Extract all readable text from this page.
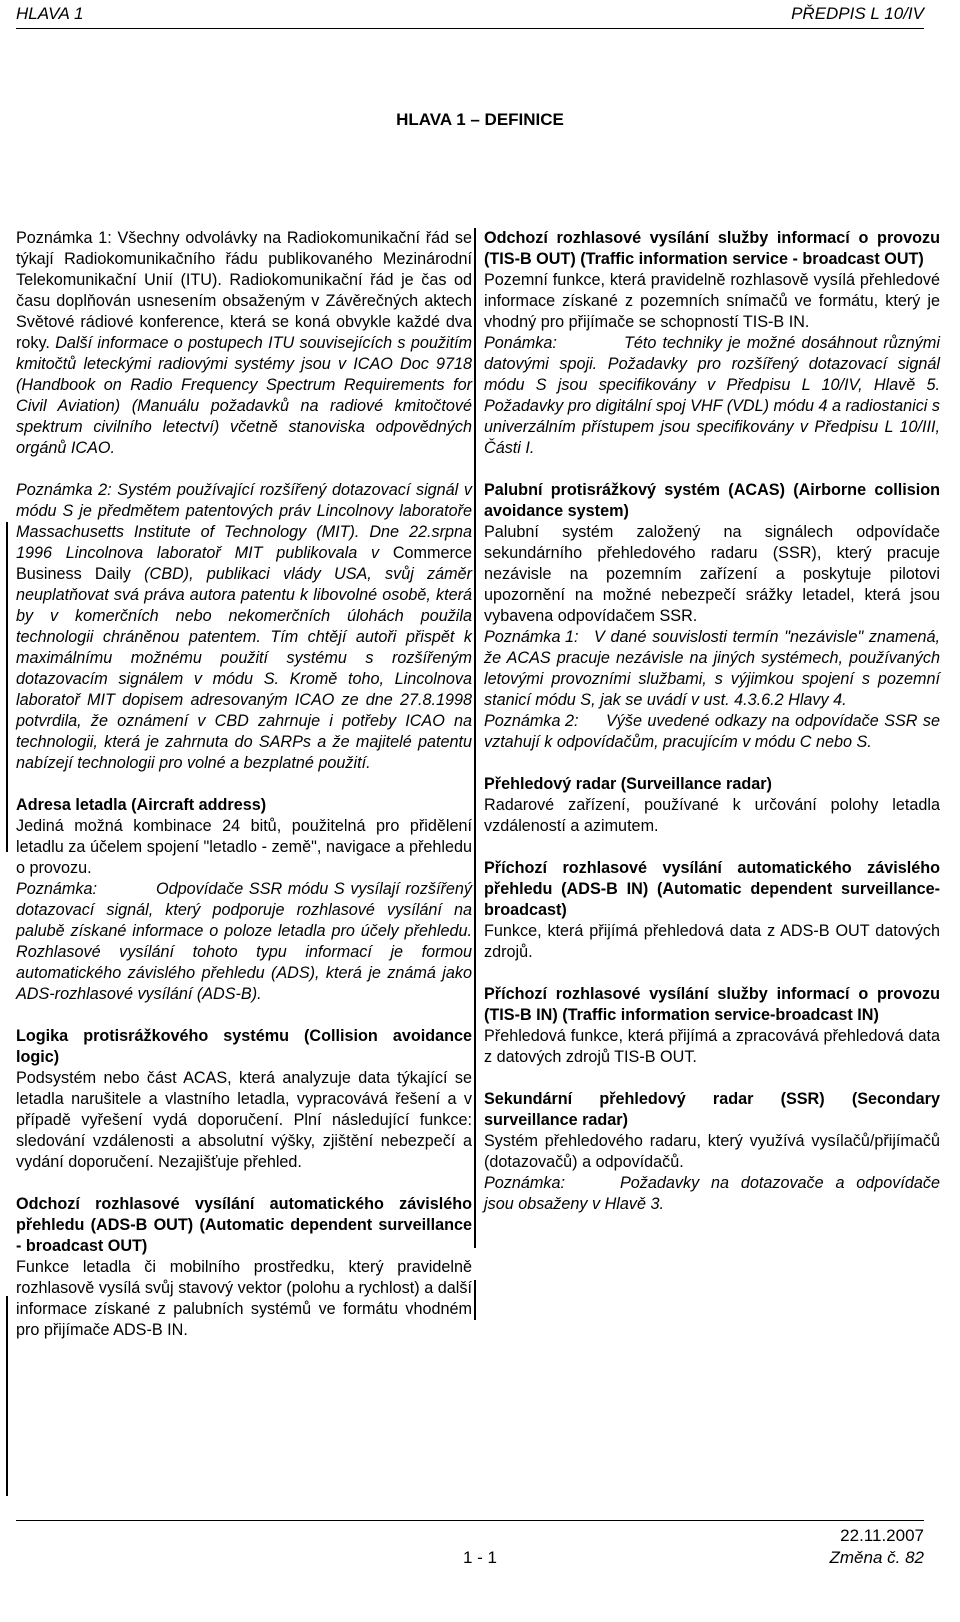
HLAVA 1	PŘEDPIS L 10/IV
HLAVA 1 – DEFINICE

Poznámka 1: Všechny odvolávky na Radiokomunikační řád se týkají Radiokomunikačního řádu publikovaného Mezinárodní Telekomunikační Unií (ITU). Radiokomunikační řád je čas od času doplňován usnesením obsaženým v Závěrečných aktech Světové rádiové konference, která se koná obvykle každé dva roky. Další informace o postupech ITU souvisejících s použitím kmitočtů leteckými radiovými systémy jsou v ICAO Doc 9718 (Handbook on Radio Frequency Spectrum Requirements for Civil Aviation) (Manuálu požadavků na radiové kmitočtové spektrum civilního letectví) včetně stanoviska odpovědných orgánů ICAO.

Poznámka 2: Systém používající rozšířený dotazovací signál v módu S je předmětem patentových práv Lincolnovy laboratoře Massachusetts Institute of Technology (MIT). Dne 22.srpna 1996 Lincolnova laboratoř MIT publikovala v Commerce Business Daily (CBD), publikaci vlády USA, svůj záměr neuplatňovat svá práva autora patentu k libovolné osobě, která by v komerčních nebo nekomerčních úlohách použila technologii chráněnou patentem. Tím chtějí autoři přispět k maximálnímu možnému použití systému s rozšířeným dotazovacím signálem v módu S. Kromě toho, Lincolnova laboratoř MIT dopisem adresovaným ICAO ze dne 27.8.1998 potvrdila, že oznámení v CBD zahrnuje i potřeby ICAO na technologii, která je zahrnuta do SARPs a že majitelé patentu nabízejí technologii pro volné a bezplatné použití.

Adresa letadla (Aircraft address)

Jediná možná kombinace 24 bitů, použitelná pro přidělení letadlu za účelem spojení "letadlo - země", navigace a přehledu o provozu.

Poznámka:	Odpovídače SSR módu S vysílají rozšířený dotazovací signál, který podporuje rozhlasové vysílání na palubě získané informace o poloze letadla pro účely přehledu. Rozhlasové vysílání tohoto typu informací je formou automatického závislého přehledu (ADS), která je známá jako ADS-rozhlasové vysílání (ADS-B).

Logika protisrážkového systému (Collision avoidance logic)

Podsystém nebo část ACAS, která analyzuje data týkající se letadla narušitele a vlastního letadla, vypracovává řešení a v případě vyřešení vydá doporučení. Plní následující funkce: sledování vzdálenosti a absolutní výšky, zjištění nebezpečí a vydání doporučení. Nezajišťuje přehled.

Odchozí rozhlasové vysílání automatického závislého přehledu (ADS-B OUT) (Automatic dependent surveillance - broadcast OUT)

Funkce letadla či mobilního prostředku, který pravidelně rozhlasově vysílá svůj stavový vektor (polohu a rychlost) a další informace získané z palubních systémů ve formátu vhodném pro přijímače ADS-B IN.

Odchozí rozhlasové vysílání služby informací o provozu (TIS-B OUT) (Traffic information service - broadcast OUT)

Pozemní funkce, která pravidelně rozhlasově vysílá přehledové informace získané z pozemních snímačů ve formátu, který je vhodný pro přijímače se schopností TIS-B IN.

Ponámka:	Této techniky je možné dosáhnout různými datovými spoji. Požadavky pro rozšířený dotazovací signál módu S jsou specifikovány v Předpisu L 10/IV, Hlavě 5. Požadavky pro digitální spoj VHF (VDL) módu 4 a radiostanici s univerzálním přístupem jsou specifikovány v Předpisu L 10/III, Části I.

Palubní protisrážkový systém (ACAS) (Airborne collision avoidance system)

Palubní systém založený na signálech odpovídače sekundárního přehledového radaru (SSR), který pracuje nezávisle na pozemním zařízení a poskytuje pilotovi upozornění na možné nebezpečí srážky letadel, která jsou vybavena odpovídačem SSR.

Poznámka 1: V dané souvislosti termín "nezávisle" znamená, že ACAS pracuje nezávisle na jiných systémech, používaných letovými provozními službami, s výjimkou spojení s pozemní stanicí módu S, jak se uvádí v ust. 4.3.6.2 Hlavy 4.

Poznámka 2: Výše uvedené odkazy na odpovídače SSR se vztahují k odpovídačům, pracujícím v módu C nebo S.

Přehledový radar (Surveillance radar)

Radarové zařízení, používané k určování polohy letadla vzdáleností a azimutem.

Příchozí rozhlasové vysílání automatického závislého přehledu (ADS-B IN) (Automatic dependent surveillance-broadcast)

Funkce, která přijímá přehledová data z ADS-B OUT datových zdrojů.

Příchozí rozhlasové vysílání služby informací o provozu (TIS-B IN) (Traffic information service-broadcast IN)

Přehledová funkce, která přijímá a zpracovává přehledová data z datových zdrojů TIS-B OUT.

Sekundární přehledový radar (SSR) (Secondary surveillance radar)

Systém přehledového radaru, který využívá vysílačů/přijímačů (dotazovačů) a odpovídačů.

Poznámka:	Požadavky na dotazovače a odpovídače jsou obsaženy v Hlavě 3.

22.11.2007
1 - 1	Změna č. 82
